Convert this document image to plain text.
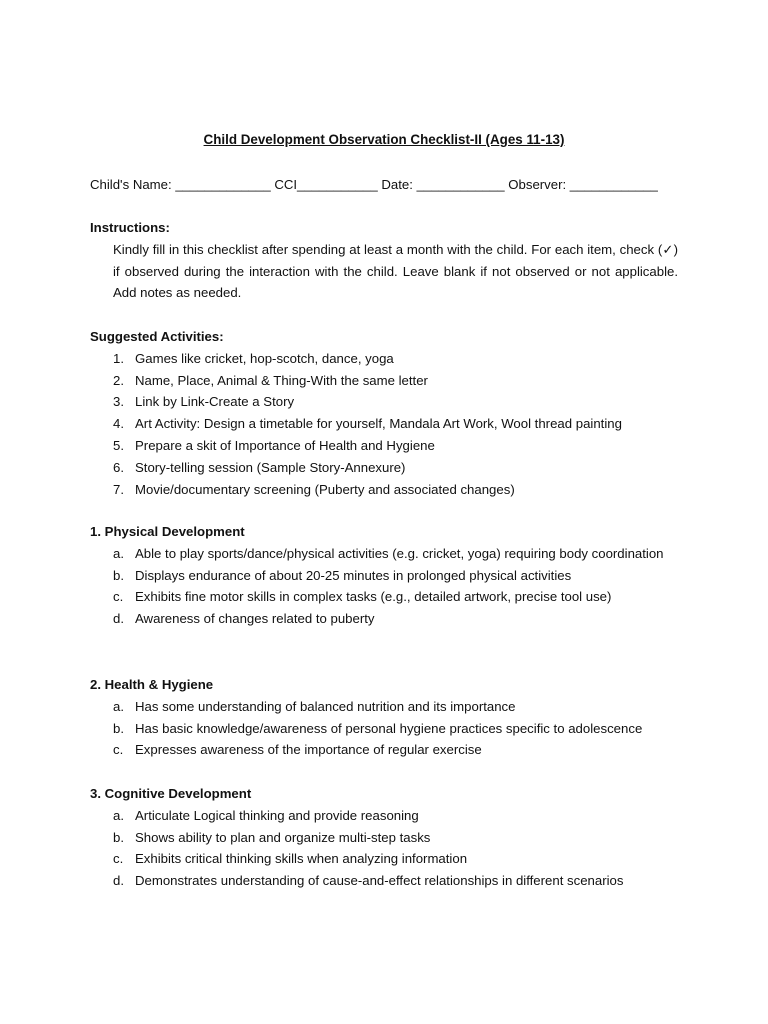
Child Development Observation Checklist-II (Ages 11-13)
Child's Name: _____________ CCI___________ Date: ____________ Observer: ____________
Instructions:
Kindly fill in this checklist after spending at least a month with the child. For each item, check (✓) if observed during the interaction with the child. Leave blank if not observed or not applicable. Add notes as needed.
Suggested Activities:
1. Games like cricket, hop-scotch, dance, yoga
2. Name, Place, Animal & Thing-With the same letter
3. Link by Link-Create a Story
4. Art Activity: Design a timetable for yourself, Mandala Art Work, Wool thread painting
5. Prepare a skit of Importance of Health and Hygiene
6. Story-telling session (Sample Story-Annexure)
7. Movie/documentary screening (Puberty and associated changes)
1. Physical Development
a. Able to play sports/dance/physical activities (e.g. cricket, yoga) requiring body coordination
b. Displays endurance of about 20-25 minutes in prolonged physical activities
c. Exhibits fine motor skills in complex tasks (e.g., detailed artwork, precise tool use)
d. Awareness of changes related to puberty
2. Health & Hygiene
a. Has some understanding of balanced nutrition and its importance
b. Has basic knowledge/awareness of personal hygiene practices specific to adolescence
c. Expresses awareness of the importance of regular exercise
3. Cognitive Development
a. Articulate Logical thinking and provide reasoning
b. Shows ability to plan and organize multi-step tasks
c. Exhibits critical thinking skills when analyzing information
d. Demonstrates understanding of cause-and-effect relationships in different scenarios
